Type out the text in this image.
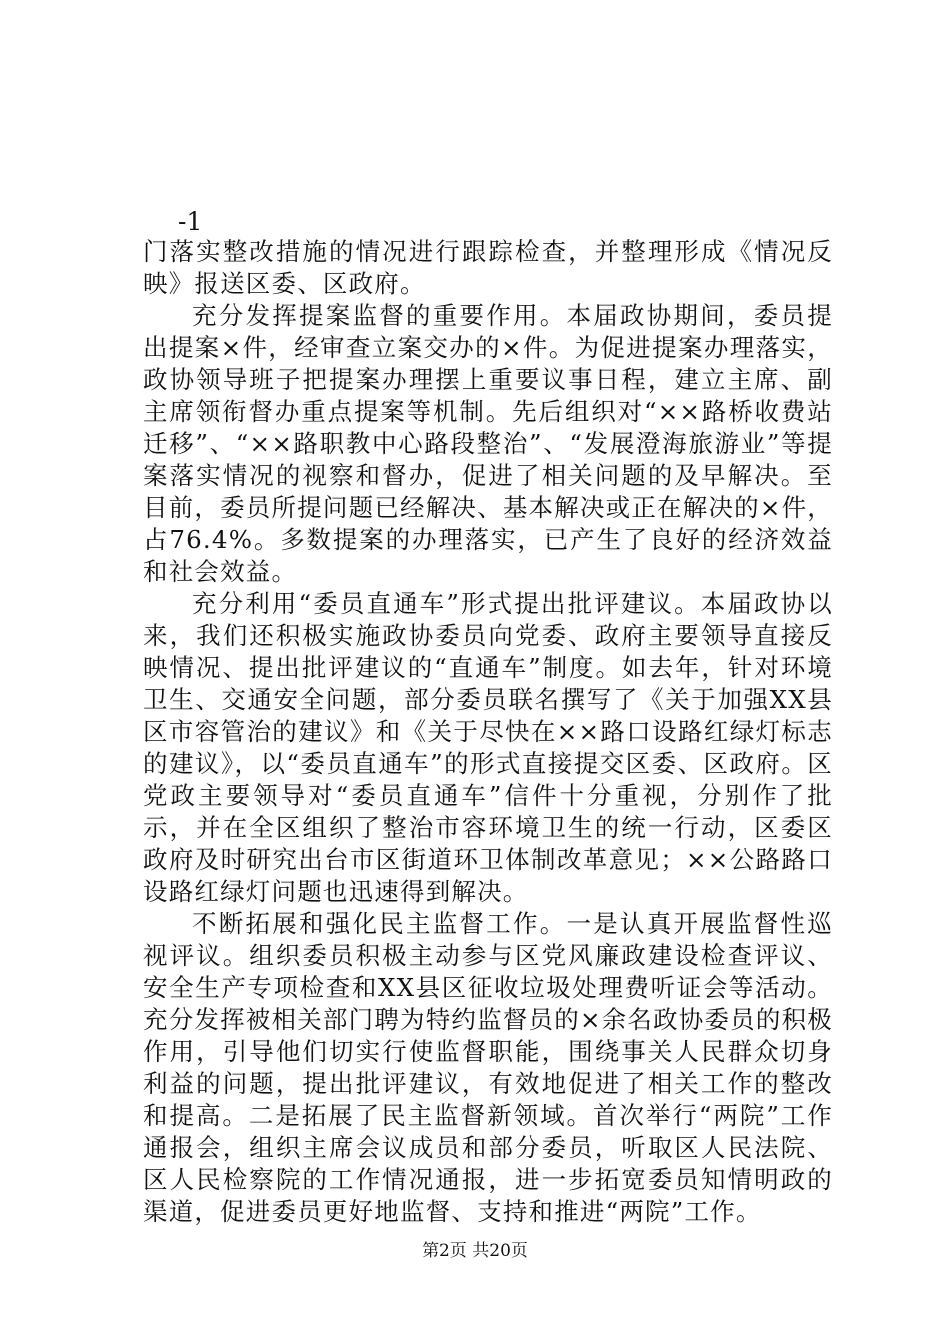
-1

门落实整改措施的情况进行跟踪检查，并整理形成《情况反映》报送区委、区政府。

充分发挥提案监督的重要作用。本届政协期间，委员提出提案×件，经审查立案交办的×件。为促进提案办理落实，政协领导班子把提案办理摆上重要议事日程，建立主席、副主席领衔督办重点提案等机制。先后组织对“××路桥收费站迁移”、“××路职教中心路段整治”、“发展澄海旅游业”等提案落实情况的视察和督办，促进了相关问题的及早解决。至目前，委员所提问题已经解决、基本解决或正在解决的×件，占76.4%。多数提案的办理落实，已产生了良好的经济效益和社会效益。

充分利用“委员直通车”形式提出批评建议。本届政协以来，我们还积极实施政协委员向党委、政府主要领导直接反映情况、提出批评建议的“直通车”制度。如去年，针对环境卫生、交通安全问题，部分委员联名撰写了《关于加强XX县区市容管治的建议》和《关于尽快在××路口设路红绿灯标志的建议》，以“委员直通车”的形式直接提交区委、区政府。区党政主要领导对“委员直通车”信件十分重视，分别作了批示，并在全区组织了整治市容环境卫生的统一行动，区委区政府及时研究出台市区街道环卫体制改革意见；××公路路口设路红绿灯问题也迅速得到解决。

不断拓展和强化民主监督工作。一是认真开展监督性巡视评议。组织委员积极主动参与区党风廉政建设检查评议、安全生产专项检查和XX县区征收垃圾处理费听证会等活动。充分发挥被相关部门聘为特约监督员的×余名政协委员的积极作用，引导他们切实行使监督职能，围绕事关人民群众切身利益的问题，提出批评建议，有效地促进了相关工作的整改和提高。二是拓展了民主监督新领域。首次举行“两院”工作通报会，组织主席会议成员和部分委员，听取区人民法院、区人民检察院的工作情况通报，进一步拓宽委员知情明政的渠道，促进委员更好地监督、支持和推进“两院”工作。

第2页 共20页
